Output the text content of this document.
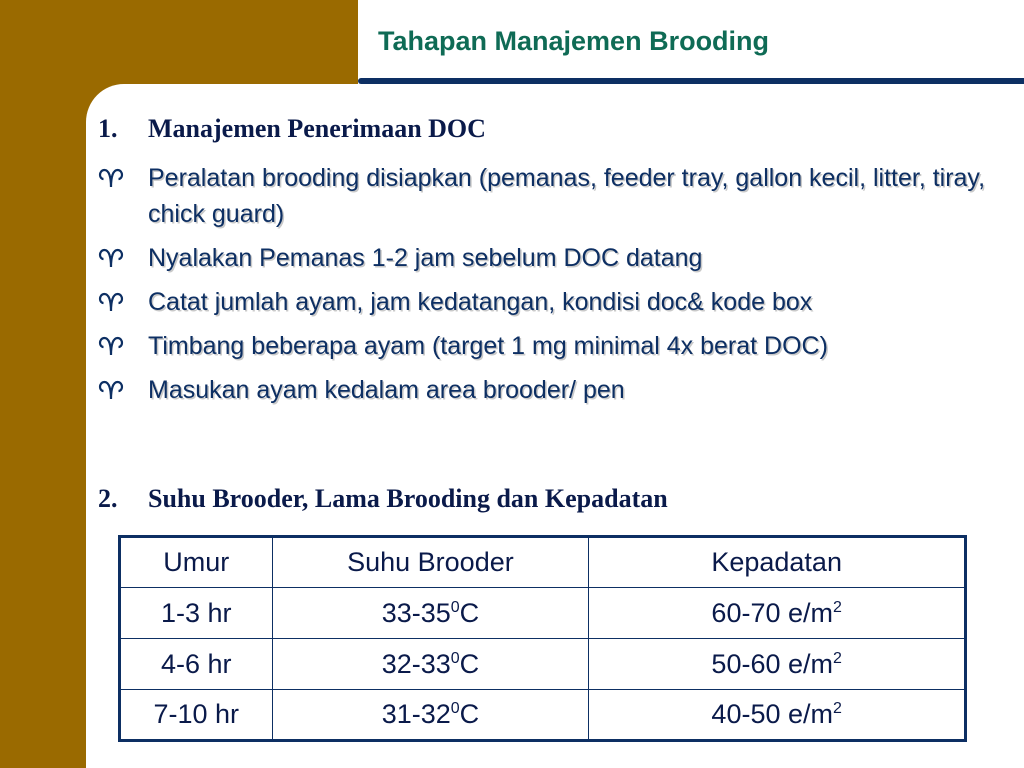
Tahapan Manajemen Brooding
1. Manajemen Penerimaan DOC
Peralatan brooding disiapkan (pemanas, feeder tray, gallon kecil, litter, tiray, chick guard)
Nyalakan Pemanas 1-2 jam sebelum DOC datang
Catat jumlah ayam, jam kedatangan, kondisi doc& kode box
Timbang beberapa ayam (target 1 mg minimal 4x berat DOC)
Masukan ayam kedalam area brooder/ pen
2. Suhu Brooder, Lama Brooding dan Kepadatan
Umur	Suhu Brooder	Kepadatan
1-3 hr	$33-35^0C$	60-70 $e/m^2$
4-6 hr	$32-33^0C$	50-60 $e/m^2$
7-10 hr	$31-32^0C$	40-50 $e/m^2$
